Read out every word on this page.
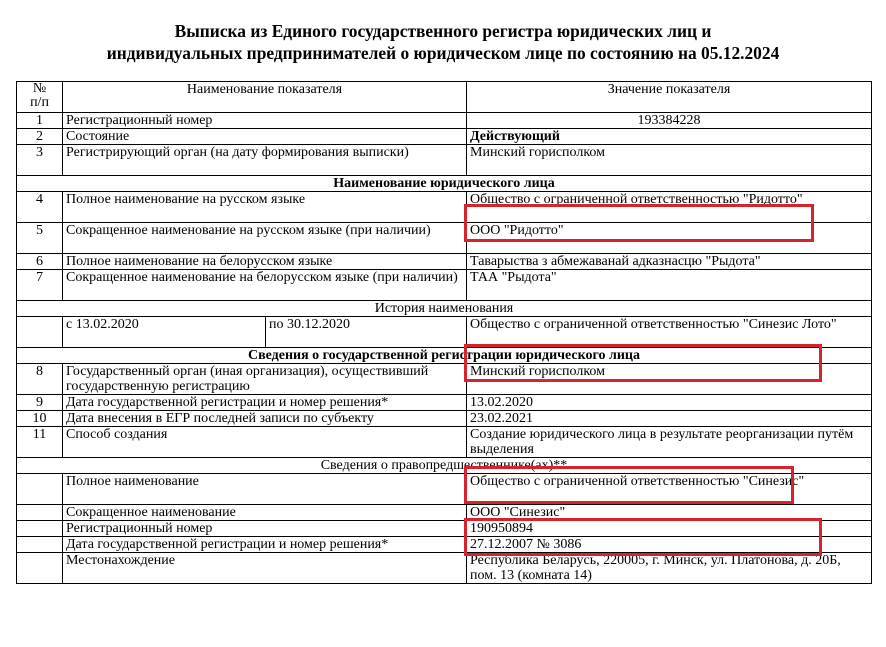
Выписка из Единого государственного регистра юридических лиц и
индивидуальных предпринимателей о юридическом лице по состоянию на 05.12.2024
№
п/п	Наименование показателя		Значение показателя
1	Регистрационный номер		193384228
2	Состояние		Действующий
3	Регистрирующий орган (на дату формирования выписки)		Минский горисполком
Наименование юридического лица			
4	Полное наименование на русском языке		Общество с ограниченной ответственностью "Ридотто"
5	Сокращенное наименование на русском языке (при наличии)		ООО "Ридотто"
6	Полное наименование на белорусском языке		Таварыства з абмежаванай адказнасцю "Рыдота"
7	Сокращенное наименование на белорусском языке (при наличии)		ТАА "Рыдота"
История наименования			
	с 13.02.2020	по 30.12.2020	Общество с ограниченной ответственностью "Синезис Лото"
Сведения о государственной регистрации юридического лица			
8	Государственный орган (иная организация), осуществивший государственную регистрацию		Минский горисполком
9	Дата государственной регистрации и номер решения*		13.02.2020
10	Дата внесения в ЕГР последней записи по субъекту		23.02.2021
11	Способ создания		Создание юридического лица в результате реорганизации путём выделения
Сведения о правопредшественнике(ах)**			
	Полное наименование		Общество с ограниченной ответственностью "Синезис"
	Сокращенное наименование		ООО "Синезис"
	Регистрационный номер		190950894
	Дата государственной регистрации и номер решения*		27.12.2007 № 3086
	Местонахождение		Республика Беларусь, 220005, г. Минск, ул. Платонова, д. 20Б, пом. 13 (комната 14)
